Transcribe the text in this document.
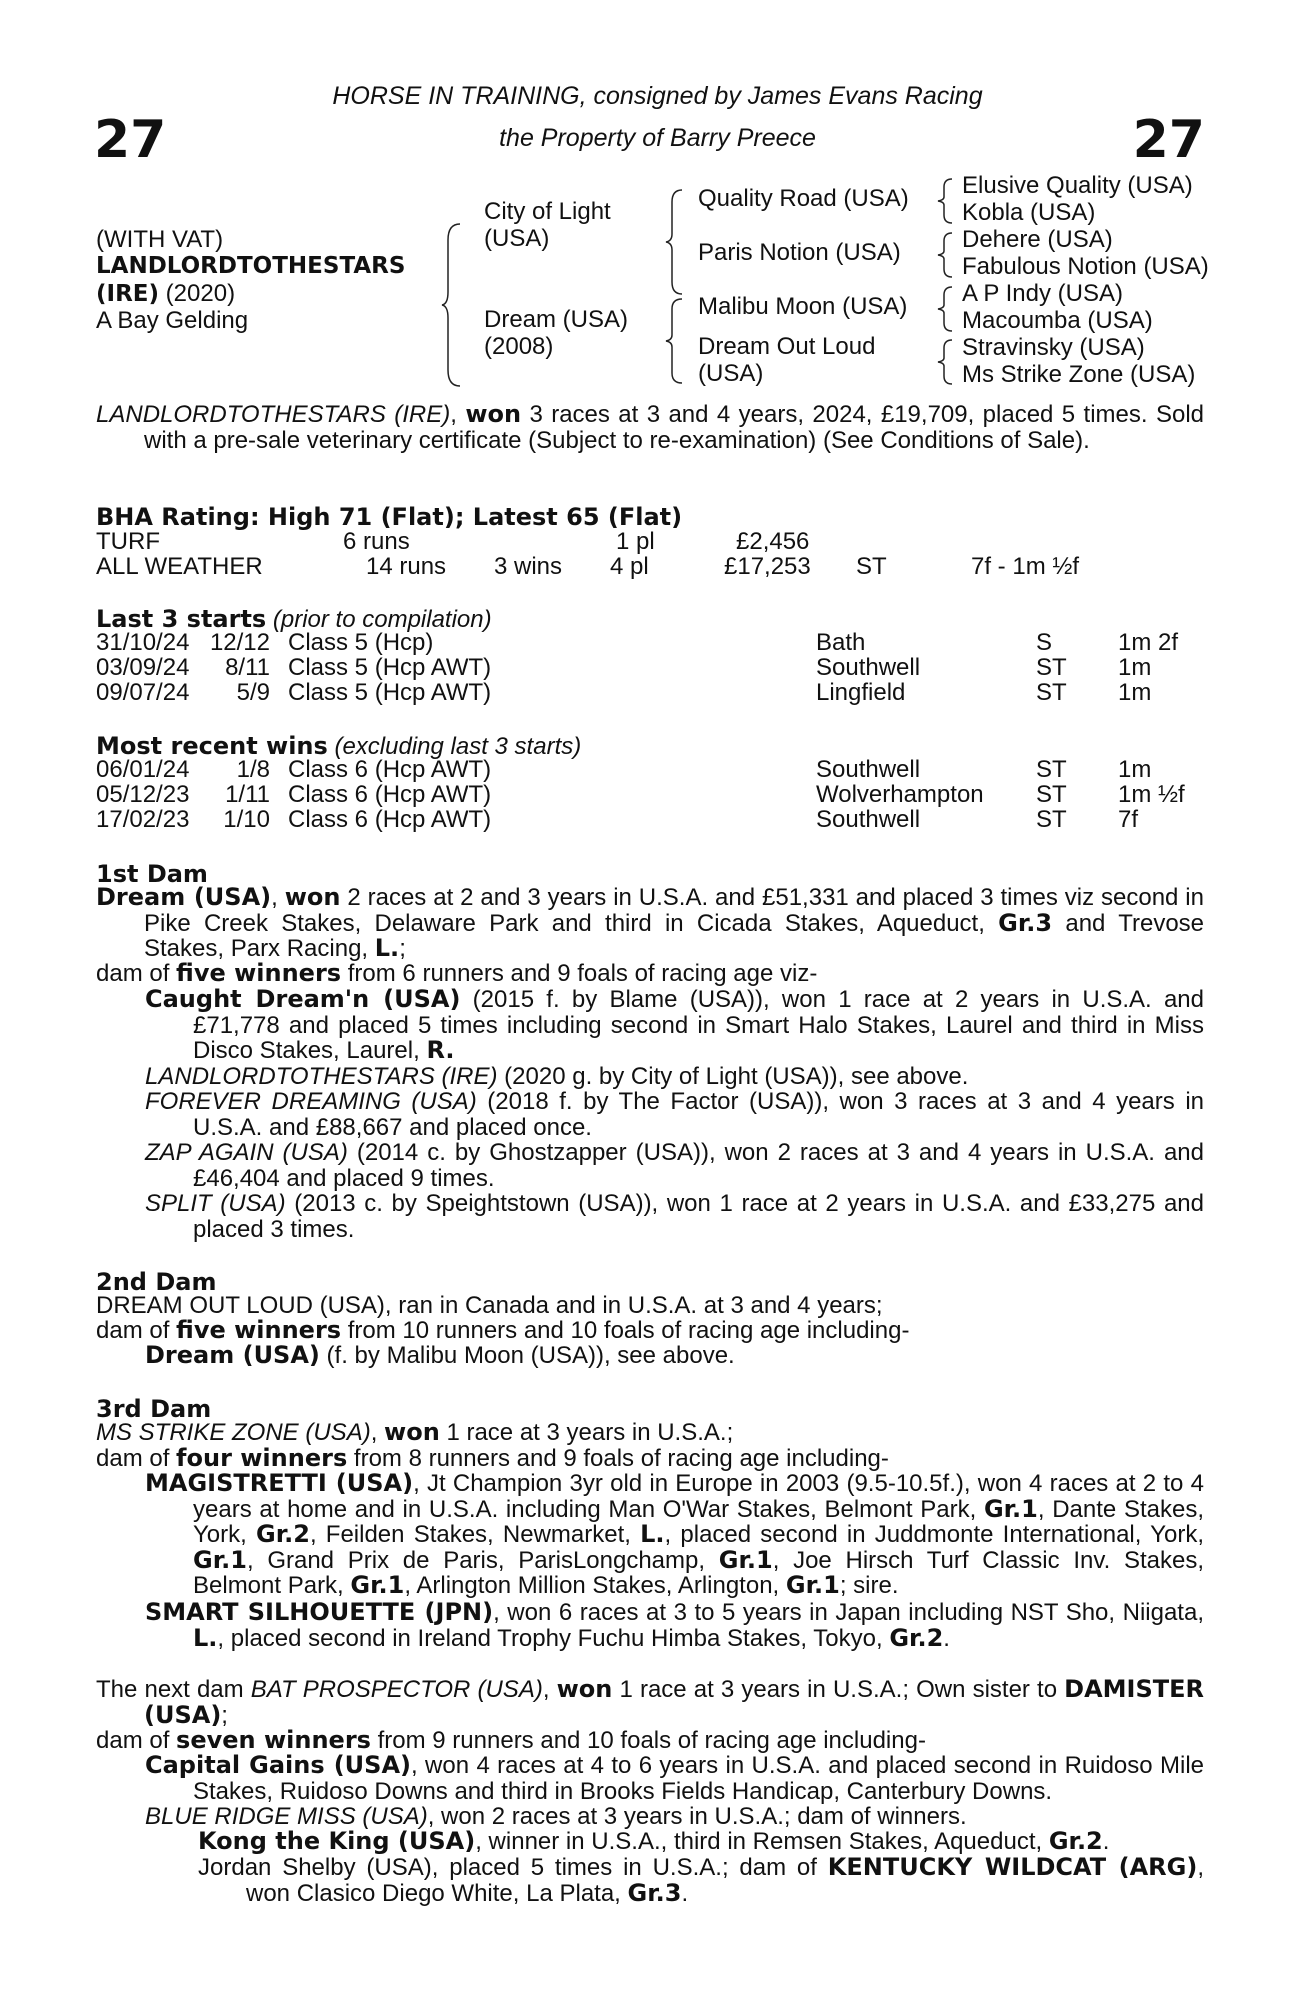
27	27
HORSE IN TRAINING, consigned by James Evans Racing
the Property of Barry Preece
(WITH VAT)
LANDLORDTOTHESTARS
(IRE) (2020)
A Bay Gelding
City of Light (USA)
Dream (USA) (2008)
Quality Road (USA)
Paris Notion (USA)
Malibu Moon (USA)
Dream Out Loud (USA)
Elusive Quality (USA)
Kobla (USA)
Dehere (USA)
Fabulous Notion (USA)
A P Indy (USA)
Macoumba (USA)
Stravinsky (USA)
Ms Strike Zone (USA)
LANDLORDTOTHESTARS (IRE), won 3 races at 3 and 4 years, 2024, £19,709, placed 5 times. Sold with a pre-sale veterinary certificate (Subject to re-examination) (See Conditions of Sale).
BHA Rating: High 71 (Flat); Latest 65 (Flat)
TURF	6 runs	1 pl	£2,456
ALL WEATHER	14 runs 3 wins 4 pl	£17,253 ST	7f - 1m ½f
Last 3 starts (prior to compilation)
31/10/24 12/12 Class 5 (Hcp)	Bath	S	1m 2f
03/09/24	8/11 Class 5 (Hcp AWT)	Southwell	ST 1m
09/07/24	5/9 Class 5 (Hcp AWT)	Lingfield	ST 1m
Most recent wins (excluding last 3 starts)
06/01/24	1/8 Class 6 (Hcp AWT)	Southwell	ST 1m
05/12/23	1/11 Class 6 (Hcp AWT)	Wolverhampton ST 1m ½f
17/02/23	1/10 Class 6 (Hcp AWT)	Southwell	ST 7f
1st Dam
Dream (USA), won 2 races at 2 and 3 years in U.S.A. and £51,331 and placed 3 times viz second in Pike Creek Stakes, Delaware Park and third in Cicada Stakes, Aqueduct, Gr.3 and Trevose Stakes, Parx Racing, L.;
dam of five winners from 6 runners and 9 foals of racing age viz-
Caught Dream'n (USA) (2015 f. by Blame (USA)), won 1 race at 2 years in U.S.A. and £71,778 and placed 5 times including second in Smart Halo Stakes, Laurel and third in Miss Disco Stakes, Laurel, R.
LANDLORDTOTHESTARS (IRE) (2020 g. by City of Light (USA)), see above.
FOREVER DREAMING (USA) (2018 f. by The Factor (USA)), won 3 races at 3 and 4 years in U.S.A. and £88,667 and placed once.
ZAP AGAIN (USA) (2014 c. by Ghostzapper (USA)), won 2 races at 3 and 4 years in U.S.A. and £46,404 and placed 9 times.
SPLIT (USA) (2013 c. by Speightstown (USA)), won 1 race at 2 years in U.S.A. and £33,275 and placed 3 times.
2nd Dam
DREAM OUT LOUD (USA), ran in Canada and in U.S.A. at 3 and 4 years;
dam of five winners from 10 runners and 10 foals of racing age including-
Dream (USA) (f. by Malibu Moon (USA)), see above.
3rd Dam
MS STRIKE ZONE (USA), won 1 race at 3 years in U.S.A.;
dam of four winners from 8 runners and 9 foals of racing age including-
MAGISTRETTI (USA), Jt Champion 3yr old in Europe in 2003 (9.5-10.5f.), won 4 races at 2 to 4 years at home and in U.S.A. including Man O'War Stakes, Belmont Park, Gr.1, Dante Stakes, York, Gr.2, Feilden Stakes, Newmarket, L., placed second in Juddmonte International, York, Gr.1, Grand Prix de Paris, ParisLongchamp, Gr.1, Joe Hirsch Turf Classic Inv. Stakes, Belmont Park, Gr.1, Arlington Million Stakes, Arlington, Gr.1; sire.
SMART SILHOUETTE (JPN), won 6 races at 3 to 5 years in Japan including NST Sho, Niigata, L., placed second in Ireland Trophy Fuchu Himba Stakes, Tokyo, Gr.2.
The next dam BAT PROSPECTOR (USA), won 1 race at 3 years in U.S.A.; Own sister to DAMISTER (USA);
dam of seven winners from 9 runners and 10 foals of racing age including-
Capital Gains (USA), won 4 races at 4 to 6 years in U.S.A. and placed second in Ruidoso Mile Stakes, Ruidoso Downs and third in Brooks Fields Handicap, Canterbury Downs.
BLUE RIDGE MISS (USA), won 2 races at 3 years in U.S.A.; dam of winners.
Kong the King (USA), winner in U.S.A., third in Remsen Stakes, Aqueduct, Gr.2.
Jordan Shelby (USA), placed 5 times in U.S.A.; dam of KENTUCKY WILDCAT (ARG), won Clasico Diego White, La Plata, Gr.3.
